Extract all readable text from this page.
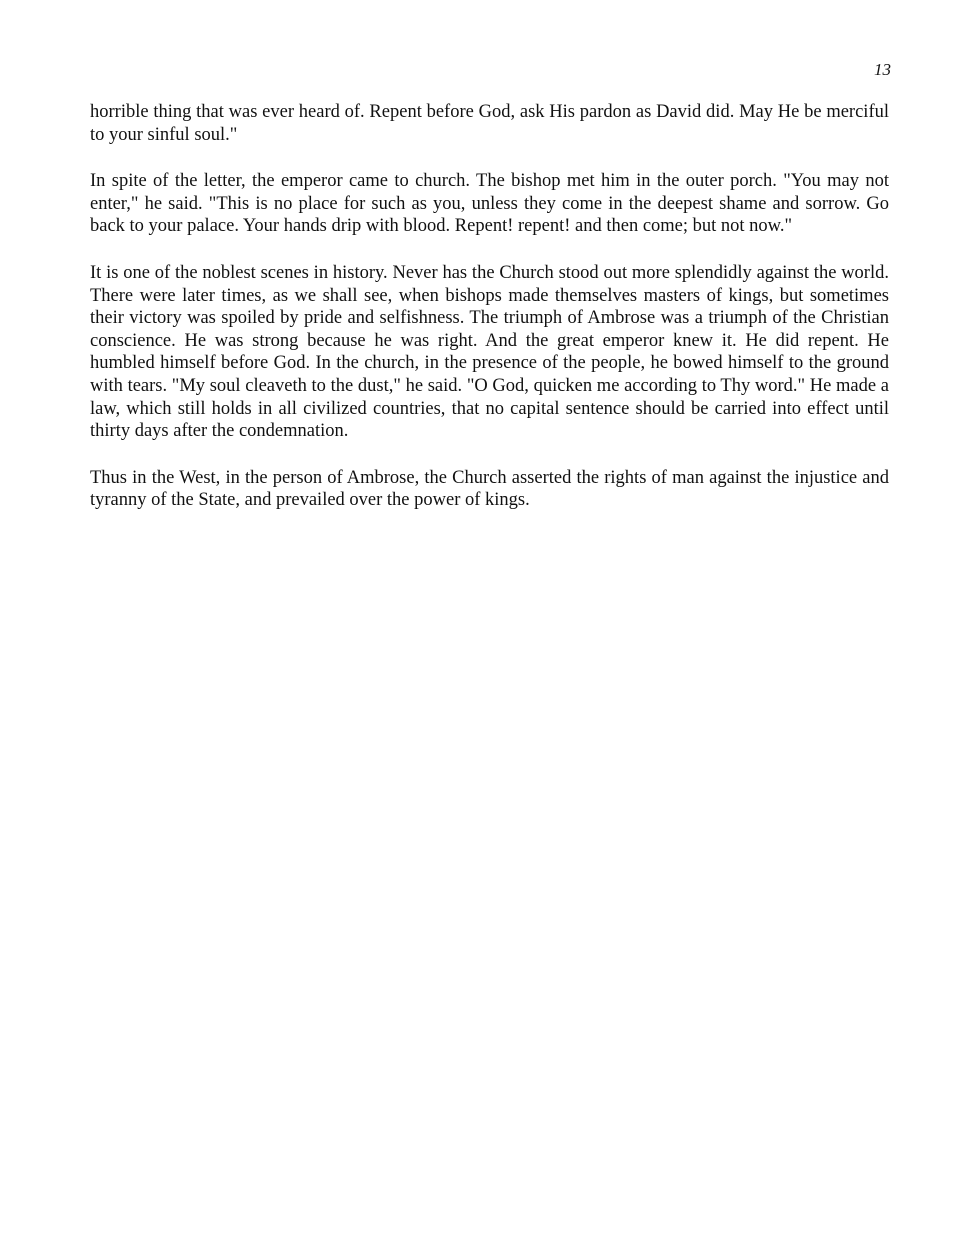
13

horrible thing that was ever heard of. Repent before God, ask His pardon as David did. May He be merciful to your sinful soul."

In spite of the letter, the emperor came to church. The bishop met him in the outer porch. "You may not enter," he said. "This is no place for such as you, unless they come in the deepest shame and sorrow. Go back to your palace. Your hands drip with blood. Repent! repent! and then come; but not now."

It is one of the noblest scenes in history. Never has the Church stood out more splendidly against the world. There were later times, as we shall see, when bishops made themselves masters of kings, but sometimes their victory was spoiled by pride and selfishness. The triumph of Ambrose was a triumph of the Christian conscience. He was strong because he was right. And the great emperor knew it. He did repent. He humbled himself before God. In the church, in the presence of the people, he bowed himself to the ground with tears. "My soul cleaveth to the dust," he said. "O God, quicken me according to Thy word." He made a law, which still holds in all civilized countries, that no capital sentence should be carried into effect until thirty days after the condemnation.

Thus in the West, in the person of Ambrose, the Church asserted the rights of man against the injustice and tyranny of the State, and prevailed over the power of kings.
